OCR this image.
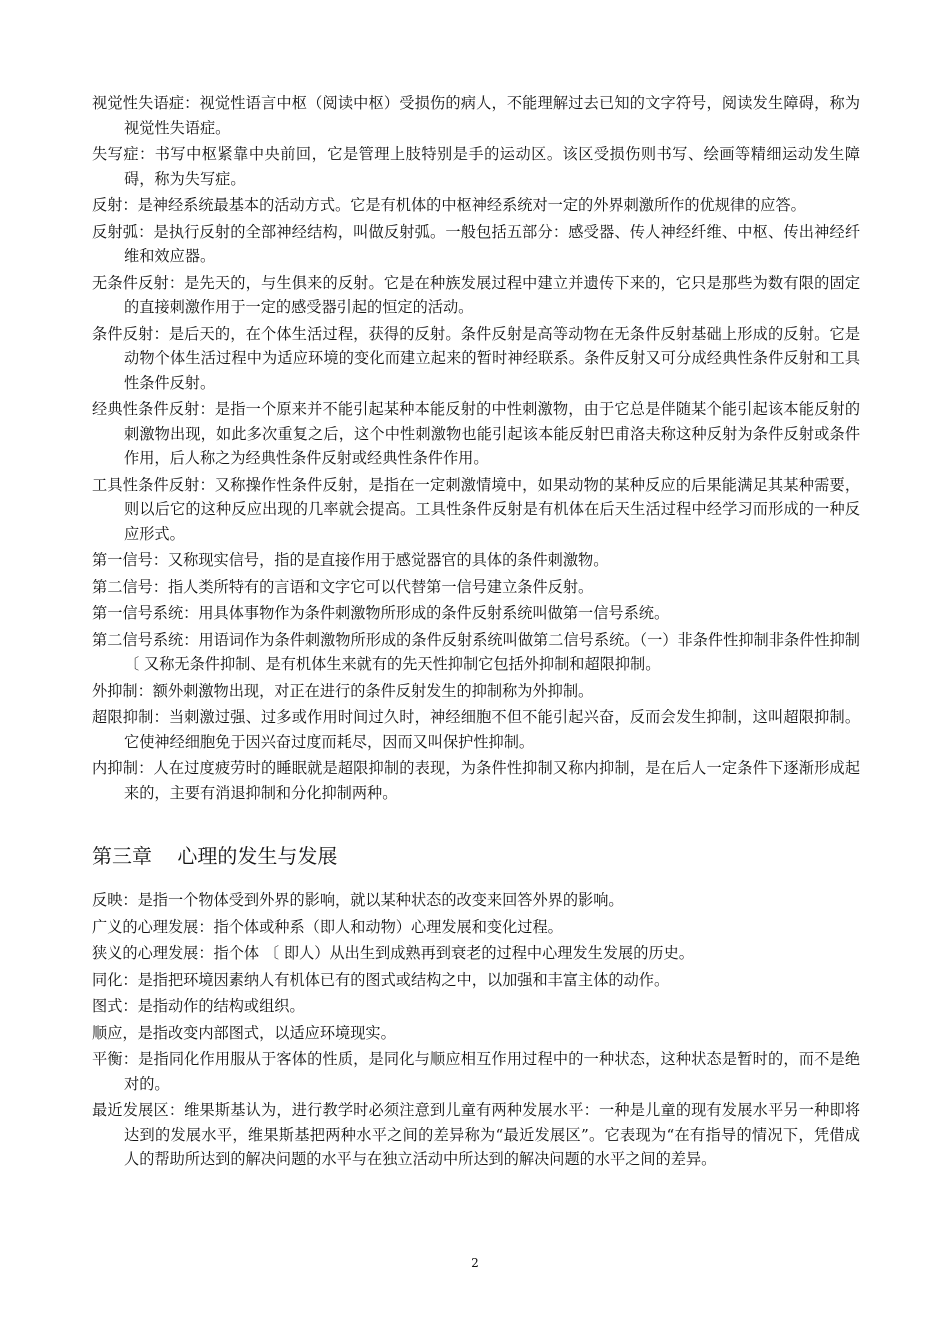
视觉性失语症：视觉性语言中枢（阅读中枢）受损伤的病人，不能理解过去已知的文字符号，阅读发生障碍，称为视觉性失语症。

失写症：书写中枢紧靠中央前回，它是管理上肢特别是手的运动区。该区受损伤则书写、绘画等精细运动发生障碍，称为失写症。

反射：是神经系统最基本的活动方式。它是有机体的中枢神经系统对一定的外界刺激所作的优规律的应答。

反射弧：是执行反射的全部神经结构，叫做反射弧。一般包括五部分：感受器、传人神经纤维、中枢、传出神经纤维和效应器。

无条件反射：是先天的，与生俱来的反射。它是在种族发展过程中建立并遗传下来的，它只是那些为数有限的固定的直接刺激作用于一定的感受器引起的恒定的活动。

条件反射：是后天的，在个体生活过程，获得的反射。条件反射是高等动物在无条件反射基础上形成的反射。它是动物个体生活过程中为适应环境的变化而建立起来的暂时神经联系。条件反射又可分成经典性条件反射和工具性条件反射。

经典性条件反射：是指一个原来并不能引起某种本能反射的中性刺激物，由于它总是伴随某个能引起该本能反射的刺激物出现，如此多次重复之后，这个中性刺激物也能引起该本能反射巴甫洛夫称这种反射为条件反射或条件作用，后人称之为经典性条件反射或经典性条件作用。

工具性条件反射：又称操作性条件反射，是指在一定刺激情境中，如果动物的某种反应的后果能满足其某种需要，则以后它的这种反应出现的几率就会提高。工具性条件反射是有机体在后天生活过程中经学习而形成的一种反应形式。

第一信号：又称现实信号，指的是直接作用于感觉器官的具体的条件刺激物。

第二信号：指人类所特有的言语和文字它可以代替第一信号建立条件反射。

第一信号系统：用具体事物作为条件刺激物所形成的条件反射系统叫做第一信号系统。

第二信号系统：用语词作为条件刺激物所形成的条件反射系统叫做第二信号系统。（一）非条件性抑制非条件性抑制 〔 又称无条件抑制、是有机体生来就有的先天性抑制它包括外抑制和超限抑制。

外抑制：额外刺激物出现，对正在进行的条件反射发生的抑制称为外抑制。

超限抑制：当刺激过强、过多或作用时间过久时，神经细胞不但不能引起兴奋，反而会发生抑制，这叫超限抑制。它使神经细胞免于因兴奋过度而耗尽，因而又叫保护性抑制。

内抑制：人在过度疲劳时的睡眠就是超限抑制的表现，为条件性抑制又称内抑制，是在后人一定条件下逐渐形成起来的，主要有消退抑制和分化抑制两种。

第三章    心理的发生与发展

反映：是指一个物体受到外界的影响，就以某种状态的改变来回答外界的影响。

广义的心理发展：指个体或种系（即人和动物）心理发展和变化过程。

狭义的心理发展：指个体 〔 即人）从出生到成熟再到衰老的过程中心理发生发展的历史。

同化：是指把环境因素纳人有机体已有的图式或结构之中，以加强和丰富主体的动作。

图式：是指动作的结构或组织。

顺应，是指改变内部图式，以适应环境现实。

平衡：是指同化作用服从于客体的性质，是同化与顺应相互作用过程中的一种状态，这种状态是暂时的，而不是绝对的。

最近发展区：维果斯基认为，进行教学时必须注意到儿童有两种发展水平：一种是儿童的现有发展水平另一种即将达到的发展水平，维果斯基把两种水平之间的差异称为“最近发展区”。它表现为“在有指导的情况下，凭借成人的帮助所达到的解决问题的水平与在独立活动中所达到的解决问题的水平之间的差异。

2
